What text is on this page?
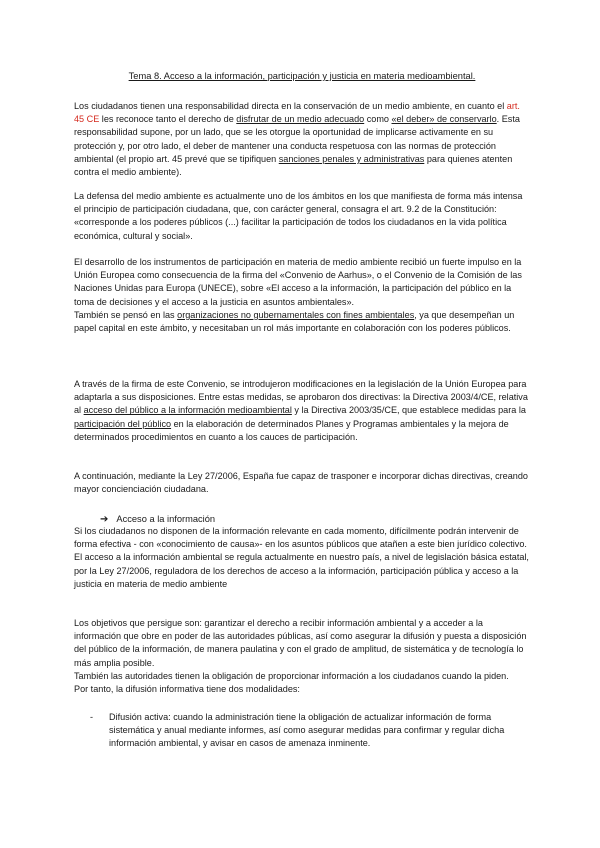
Tema 8. Acceso a la información, participación y justicia en materia medioambiental.

Los ciudadanos tienen una responsabilidad directa en la conservación de un medio ambiente, en cuanto el art. 45 CE les reconoce tanto el derecho de disfrutar de un medio adecuado como «el deber» de conservarlo. Esta responsabilidad supone, por un lado, que se les otorgue la oportunidad de implicarse activamente en su protección y, por otro lado, el deber de mantener una conducta respetuosa con las normas de protección ambiental (el propio art. 45 prevé que se tipifiquen sanciones penales y administrativas para quienes atenten contra el medio ambiente).

La defensa del medio ambiente es actualmente uno de los ámbitos en los que manifiesta de forma más intensa el principio de participación ciudadana, que, con carácter general, consagra el art. 9.2 de la Constitución: «corresponde a los poderes públicos (...) facilitar la participación de todos los ciudadanos en la vida política económica, cultural y social».

El desarrollo de los instrumentos de participación en materia de medio ambiente recibió un fuerte impulso en la Unión Europea como consecuencia de la firma del «Convenio de Aarhus», o el Convenio de la Comisión de las Naciones Unidas para Europa (UNECE), sobre «El acceso a la información, la participación del público en la toma de decisiones y el acceso a la justicia en asuntos ambientales».
También se pensó en las organizaciones no gubernamentales con fines ambientales, ya que desempeñan un papel capital en este ámbito, y necesitaban un rol más importante en colaboración con los poderes públicos.

A través de la firma de este Convenio, se introdujeron modificaciones en la legislación de la Unión Europea para adaptarla a sus disposiciones. Entre estas medidas, se aprobaron dos directivas: la Directiva 2003/4/CE, relativa al acceso del público a la información medioambiental y la Directiva 2003/35/CE, que establece medidas para la participación del público en la elaboración de determinados Planes y Programas ambientales y la mejora de determinados procedimientos en cuanto a los cauces de participación.

A continuación, mediante la Ley 27/2006, España fue capaz de trasponer e incorporar dichas directivas, creando mayor concienciación ciudadana.

➔ Acceso a la información

Si los ciudadanos no disponen de la información relevante en cada momento, difícilmente podrán intervenir de forma efectiva - con «conocimiento de causa»- en los asuntos públicos que atañen a este bien jurídico colectivo.
El acceso a la información ambiental se regula actualmente en nuestro país, a nivel de legislación básica estatal, por la Ley 27/2006, reguladora de los derechos de acceso a la información, participación pública y acceso a la justicia en materia de medio ambiente

Los objetivos que persigue son: garantizar el derecho a recibir información ambiental y a acceder a la información que obre en poder de las autoridades públicas, así como asegurar la difusión y puesta a disposición del público de la información, de manera paulatina y con el grado de amplitud, de sistemática y de tecnología lo más amplia posible.
También las autoridades tienen la obligación de proporcionar información a los ciudadanos cuando la piden.
Por tanto, la difusión informativa tiene dos modalidades:

-	Difusión activa: cuando la administración tiene la obligación de actualizar información de forma sistemática y anual mediante informes, así como asegurar medidas para confirmar y regular dicha información ambiental, y avisar en casos de amenaza inminente.
